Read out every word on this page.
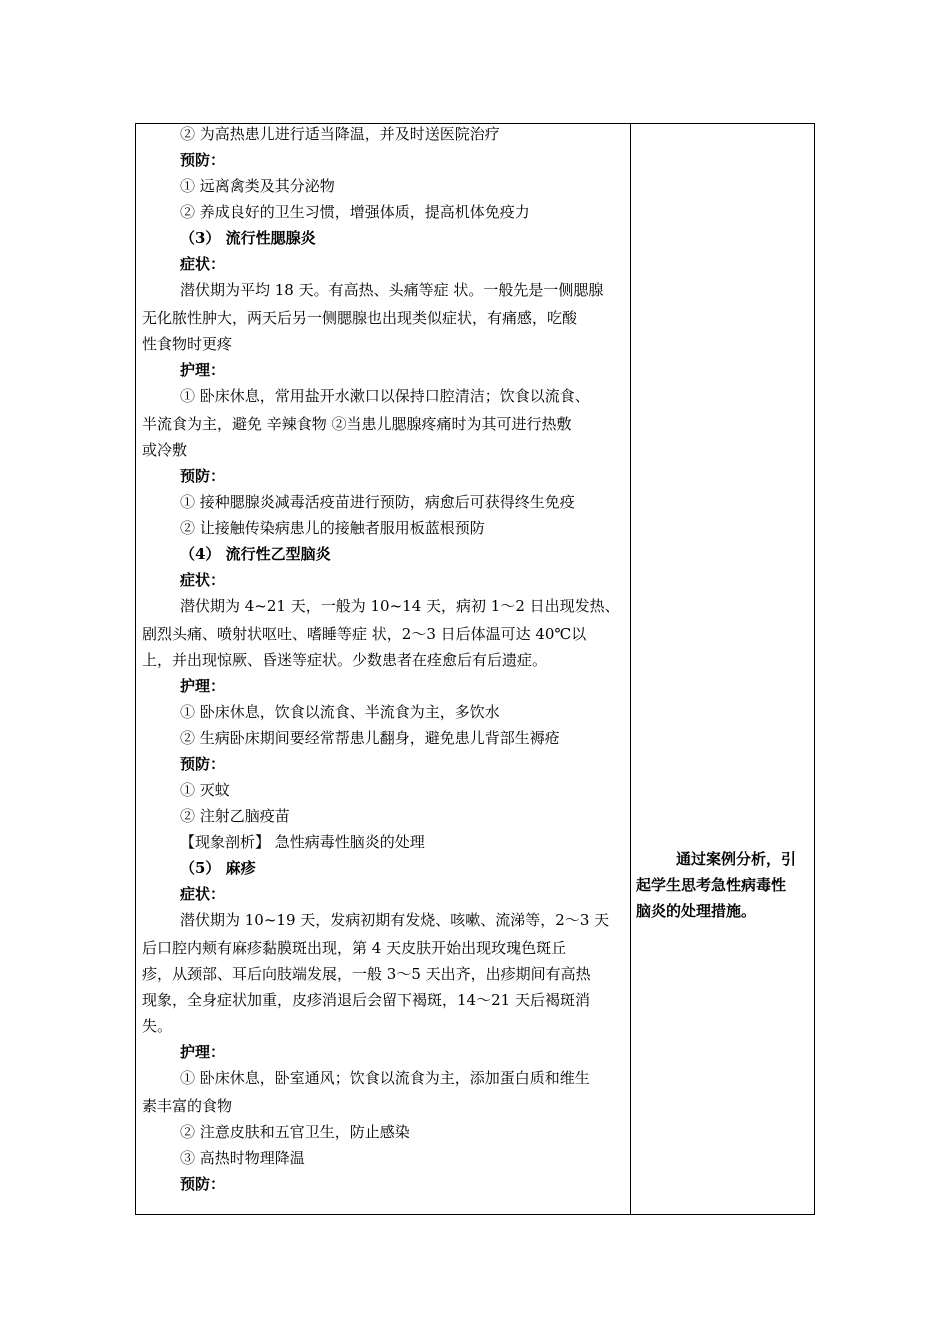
② 为高热患儿进行适当降温，并及时送医院治疗
预防：
① 远离禽类及其分泌物
② 养成良好的卫生习惯，增强体质，提高机体免疫力
（3） 流行性腮腺炎
症状：
潜伏期为平均 18 天。有高热、头痛等症 状。一般先是一侧腮腺
无化脓性肿大，两天后另一侧腮腺也出现类似症状，有痛感，吃酸
性食物时更疼
护理：
① 卧床休息，常用盐开水漱口以保持口腔清洁；饮食以流食、
半流食为主，避免 辛辣食物 ②当患儿腮腺疼痛时为其可进行热敷
或冷敷
预防：
① 接种腮腺炎减毒活疫苗进行预防，病愈后可获得终生免疫
② 让接触传染病患儿的接触者服用板蓝根预防
（4） 流行性乙型脑炎
症状：
潜伏期为 4~21 天，一般为 10~14 天，病初 1～2 日出现发热、
剧烈头痛、喷射状呕吐、嗜睡等症 状，2～3 日后体温可达 40℃以
上，并出现惊厥、昏迷等症状。少数患者在痊愈后有后遗症。
护理：
① 卧床休息，饮食以流食、半流食为主，多饮水
② 生病卧床期间要经常帮患儿翻身，避免患儿背部生褥疮
预防：
① 灭蚊
② 注射乙脑疫苗
【现象剖析】 急性病毒性脑炎的处理
（5） 麻疹
症状：
潜伏期为 10~19 天，发病初期有发烧、咳嗽、流涕等，2～3 天
后口腔内颊有麻疹黏膜斑出现，第 4 天皮肤开始出现玫瑰色斑丘
疹，从颈部、耳后向肢端发展，一般 3～5 天出齐，出疹期间有高热
现象，全身症状加重，皮疹消退后会留下褐斑，14～21 天后褐斑消
失。
护理：
① 卧床休息，卧室通风；饮食以流食为主，添加蛋白质和维生
素丰富的食物
② 注意皮肤和五官卫生，防止感染
③ 高热时物理降温
预防：
通过案例分析，引
起学生思考急性病毒性
脑炎的处理措施。
